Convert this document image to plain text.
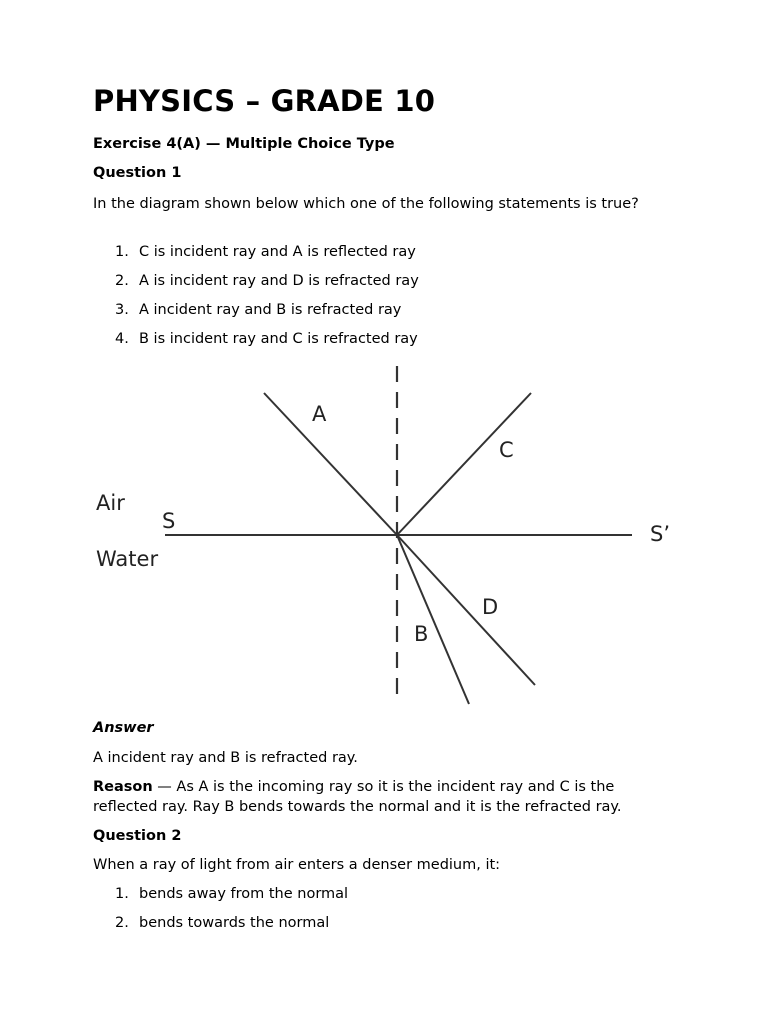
PHYSICS – GRADE 10
Exercise 4(A) — Multiple Choice Type
Question 1
In the diagram shown below which one of the following statements is true?
1. C is incident ray and A is reflected ray
2. A is incident ray and D is refracted ray
3. A incident ray and B is refracted ray
4. B is incident ray and C is refracted ray
A
C
D
B
S
S’
Air
Water
Answer
A incident ray and B is refracted ray.
Reason — As A is the incoming ray so it is the incident ray and C is the reflected ray. Ray B bends towards the normal and it is the refracted ray.
Question 2
When a ray of light from air enters a denser medium, it:
1. bends away from the normal
2. bends towards the normal
